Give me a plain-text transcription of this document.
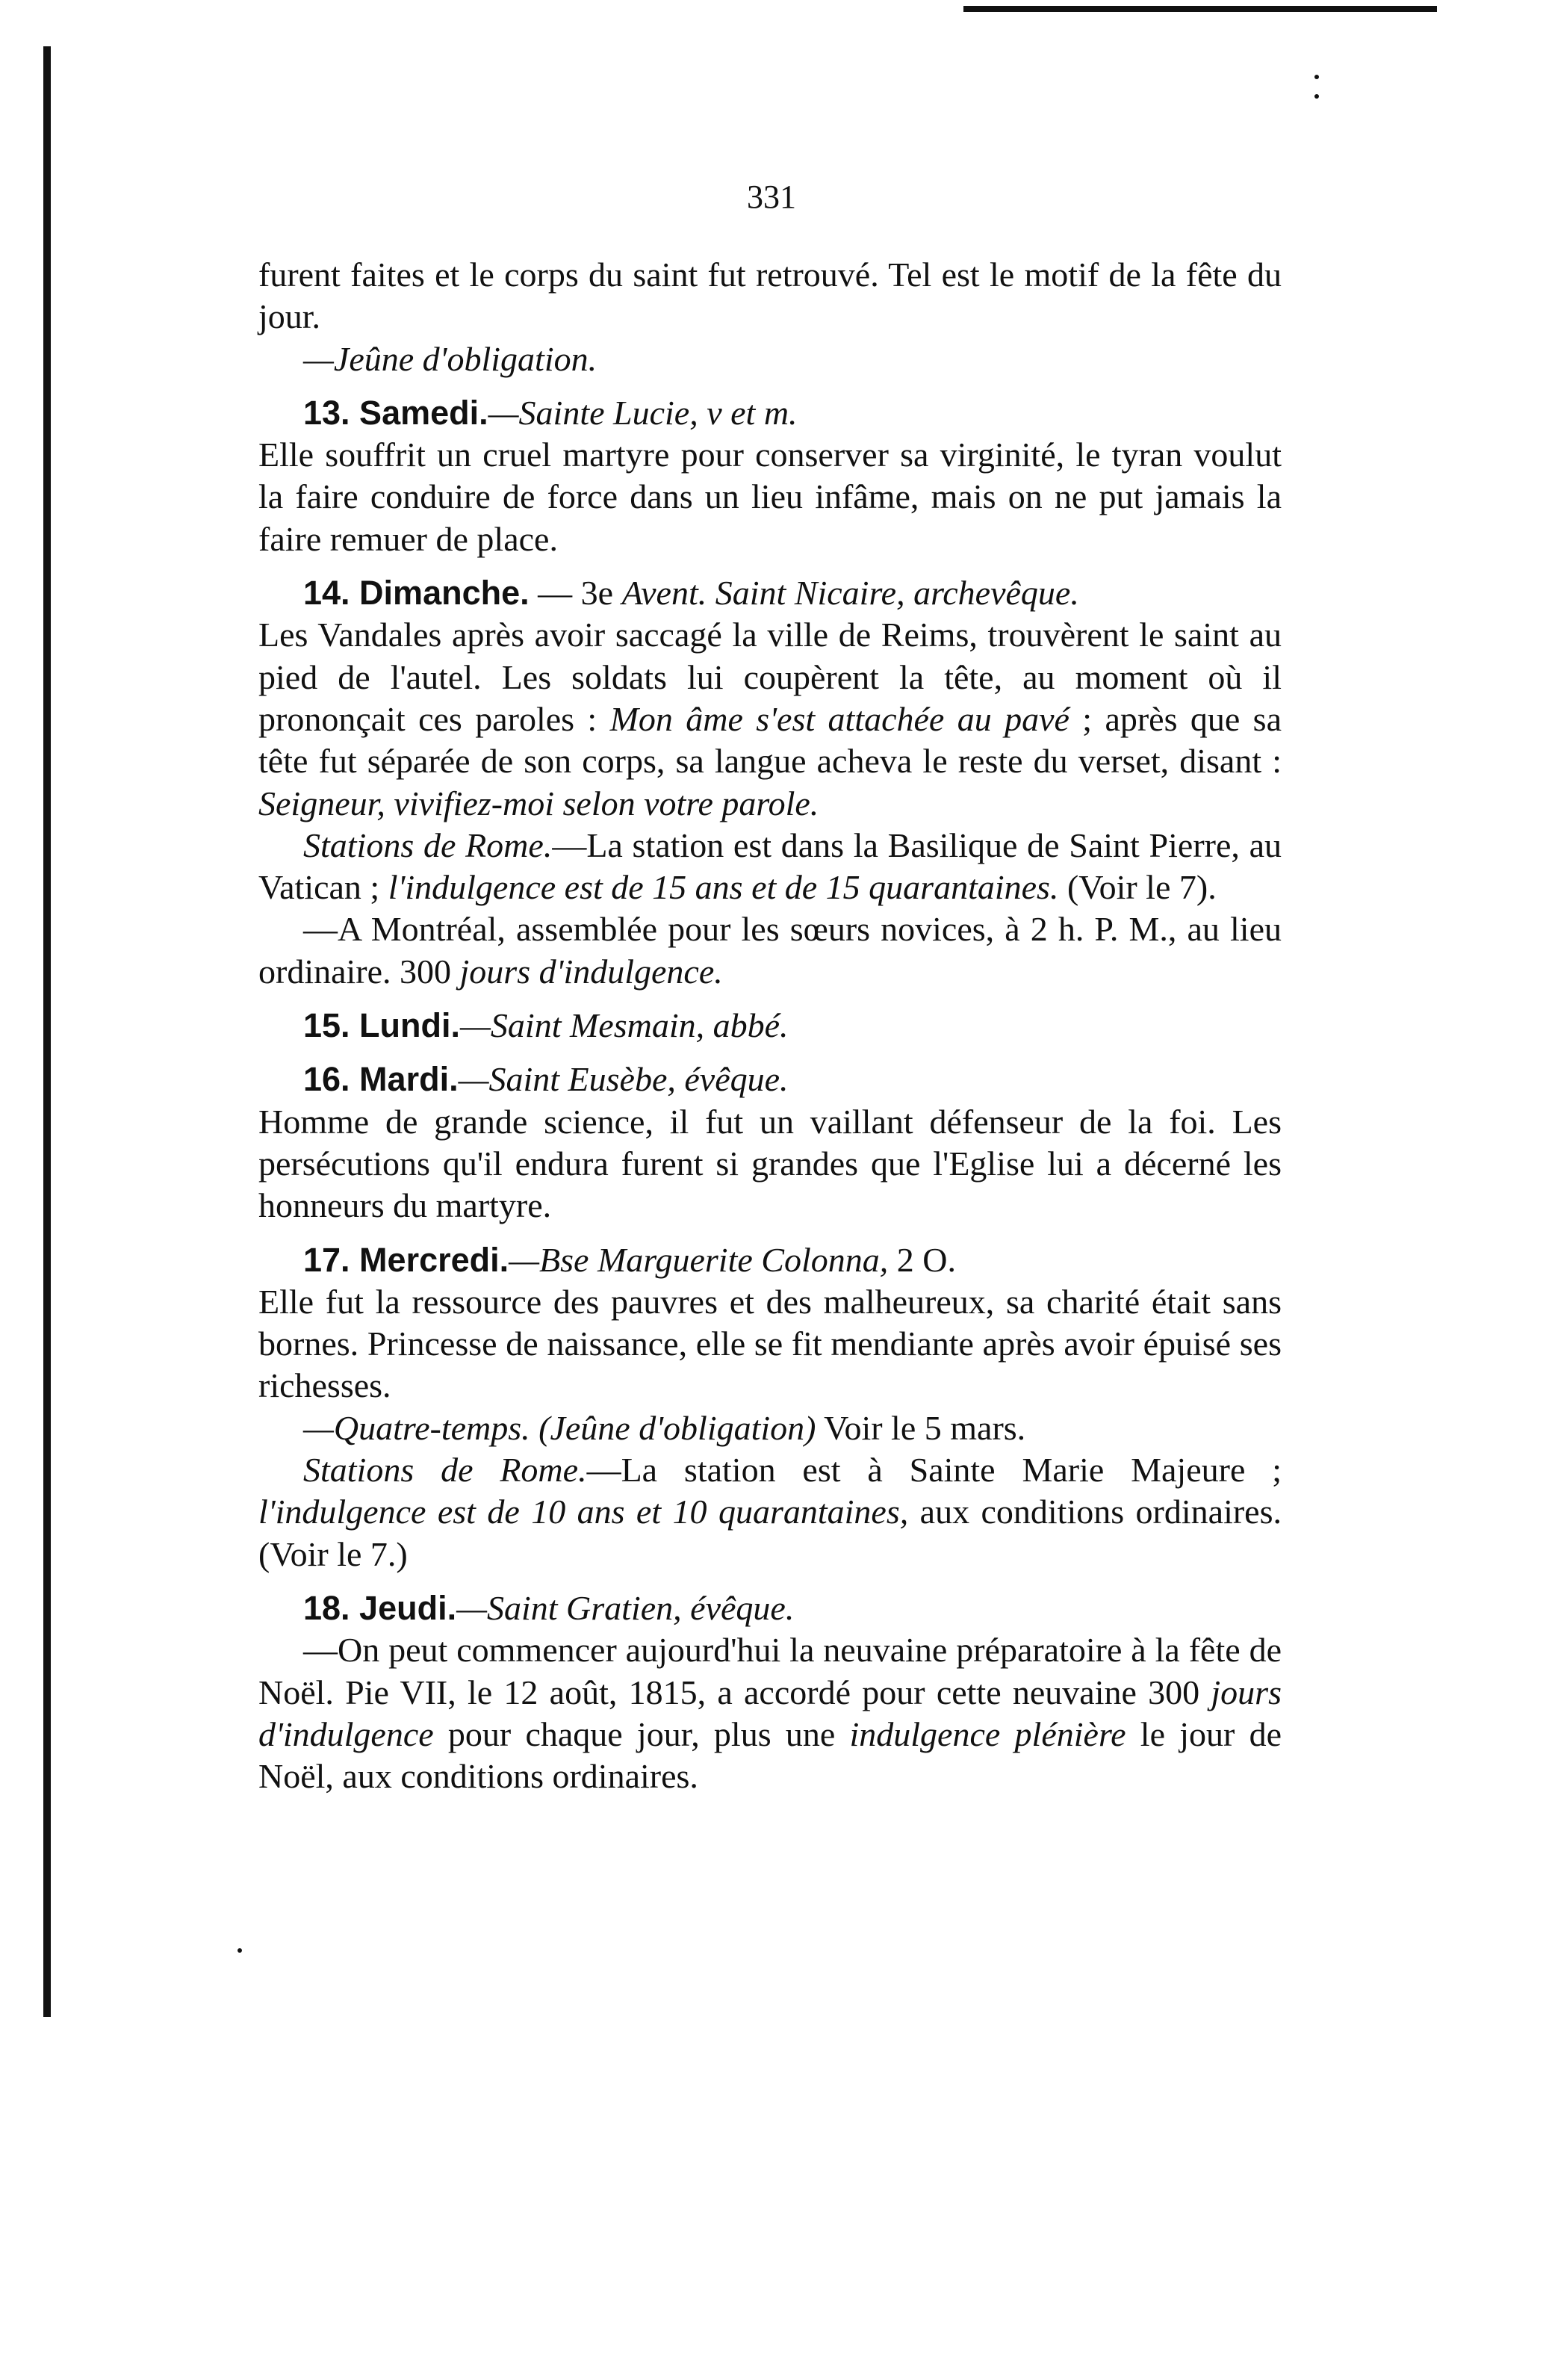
331

furent faites et le corps du saint fut retrouvé. Tel est le motif de la fête du jour.

—Jeûne d'obligation.

13. Samedi.—Sainte Lucie, v et m.

Elle souffrit un cruel martyre pour conserver sa virginité, le tyran voulut la faire conduire de force dans un lieu infâme, mais on ne put jamais la faire remuer de place.

14. Dimanche. — 3e Avent. Saint Nicaire, archevêque.

Les Vandales après avoir saccagé la ville de Reims, trouvèrent le saint au pied de l'autel. Les soldats lui coupèrent la tête, au moment où il prononçait ces paroles : Mon âme s'est attachée au pavé ; après que sa tête fut séparée de son corps, sa langue acheva le reste du verset, disant : Seigneur, vivifiez-moi selon votre parole.

Stations de Rome.—La station est dans la Basilique de Saint Pierre, au Vatican ; l'indulgence est de 15 ans et de 15 quarantaines. (Voir le 7).

—A Montréal, assemblée pour les sœurs novices, à 2 h. P. M., au lieu ordinaire. 300 jours d'indulgence.

15. Lundi.—Saint Mesmain, abbé.

16. Mardi.—Saint Eusèbe, évêque.

Homme de grande science, il fut un vaillant défenseur de la foi. Les persécutions qu'il endura furent si grandes que l'Eglise lui a décerné les honneurs du martyre.

17. Mercredi.—Bse Marguerite Colonna, 2 O.

Elle fut la ressource des pauvres et des malheureux, sa charité était sans bornes. Princesse de naissance, elle se fit mendiante après avoir épuisé ses richesses.

—Quatre-temps. (Jeûne d'obligation) Voir le 5 mars.

Stations de Rome.—La station est à Sainte Marie Majeure ; l'indulgence est de 10 ans et 10 quarantaines, aux conditions ordinaires. (Voir le 7.)

18. Jeudi.—Saint Gratien, évêque.

—On peut commencer aujourd'hui la neuvaine préparatoire à la fête de Noël. Pie VII, le 12 août, 1815, a accordé pour cette neuvaine 300 jours d'indulgence pour chaque jour, plus une indulgence plénière le jour de Noël, aux conditions ordinaires.
